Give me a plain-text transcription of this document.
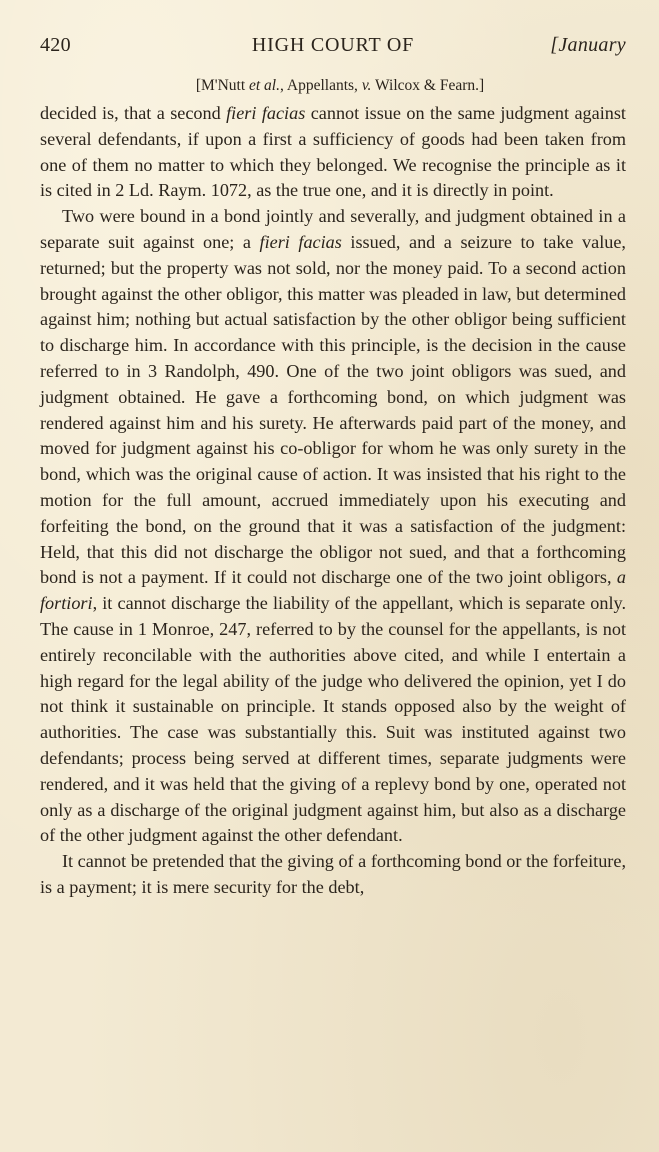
420	HIGH COURT OF	[January
[M'Nutt et al., Appellants, v. Wilcox & Fearn.]

decided is, that a second fieri facias cannot issue on the same judgment against several defendants, if upon a first a sufficiency of goods had been taken from one of them no matter to which they belonged. We recognise the principle as it is cited in 2 Ld. Raym. 1072, as the true one, and it is directly in point.

Two were bound in a bond jointly and severally, and judgment obtained in a separate suit against one; a fieri facias issued, and a seizure to take value, returned; but the property was not sold, nor the money paid. To a second action brought against the other obligor, this matter was pleaded in law, but determined against him; nothing but actual satisfaction by the other obligor being sufficient to discharge him. In accordance with this principle, is the decision in the cause referred to in 3 Randolph, 490. One of the two joint obligors was sued, and judgment obtained. He gave a forthcoming bond, on which judgment was rendered against him and his surety. He afterwards paid part of the money, and moved for judgment against his co-obligor for whom he was only surety in the bond, which was the original cause of action. It was insisted that his right to the motion for the full amount, accrued immediately upon his executing and forfeiting the bond, on the ground that it was a satisfaction of the judgment: Held, that this did not discharge the obligor not sued, and that a forthcoming bond is not a payment. If it could not discharge one of the two joint obligors, a fortiori, it cannot discharge the liability of the appellant, which is separate only. The cause in 1 Monroe, 247, referred to by the counsel for the appellants, is not entirely reconcilable with the authorities above cited, and while I entertain a high regard for the legal ability of the judge who delivered the opinion, yet I do not think it sustainable on principle. It stands opposed also by the weight of authorities. The case was substantially this. Suit was instituted against two defendants; process being served at different times, separate judgments were rendered, and it was held that the giving of a replevy bond by one, operated not only as a discharge of the original judgment against him, but also as a discharge of the other judgment against the other defendant.

It cannot be pretended that the giving of a forthcoming bond or the forfeiture, is a payment; it is mere security for the debt,
